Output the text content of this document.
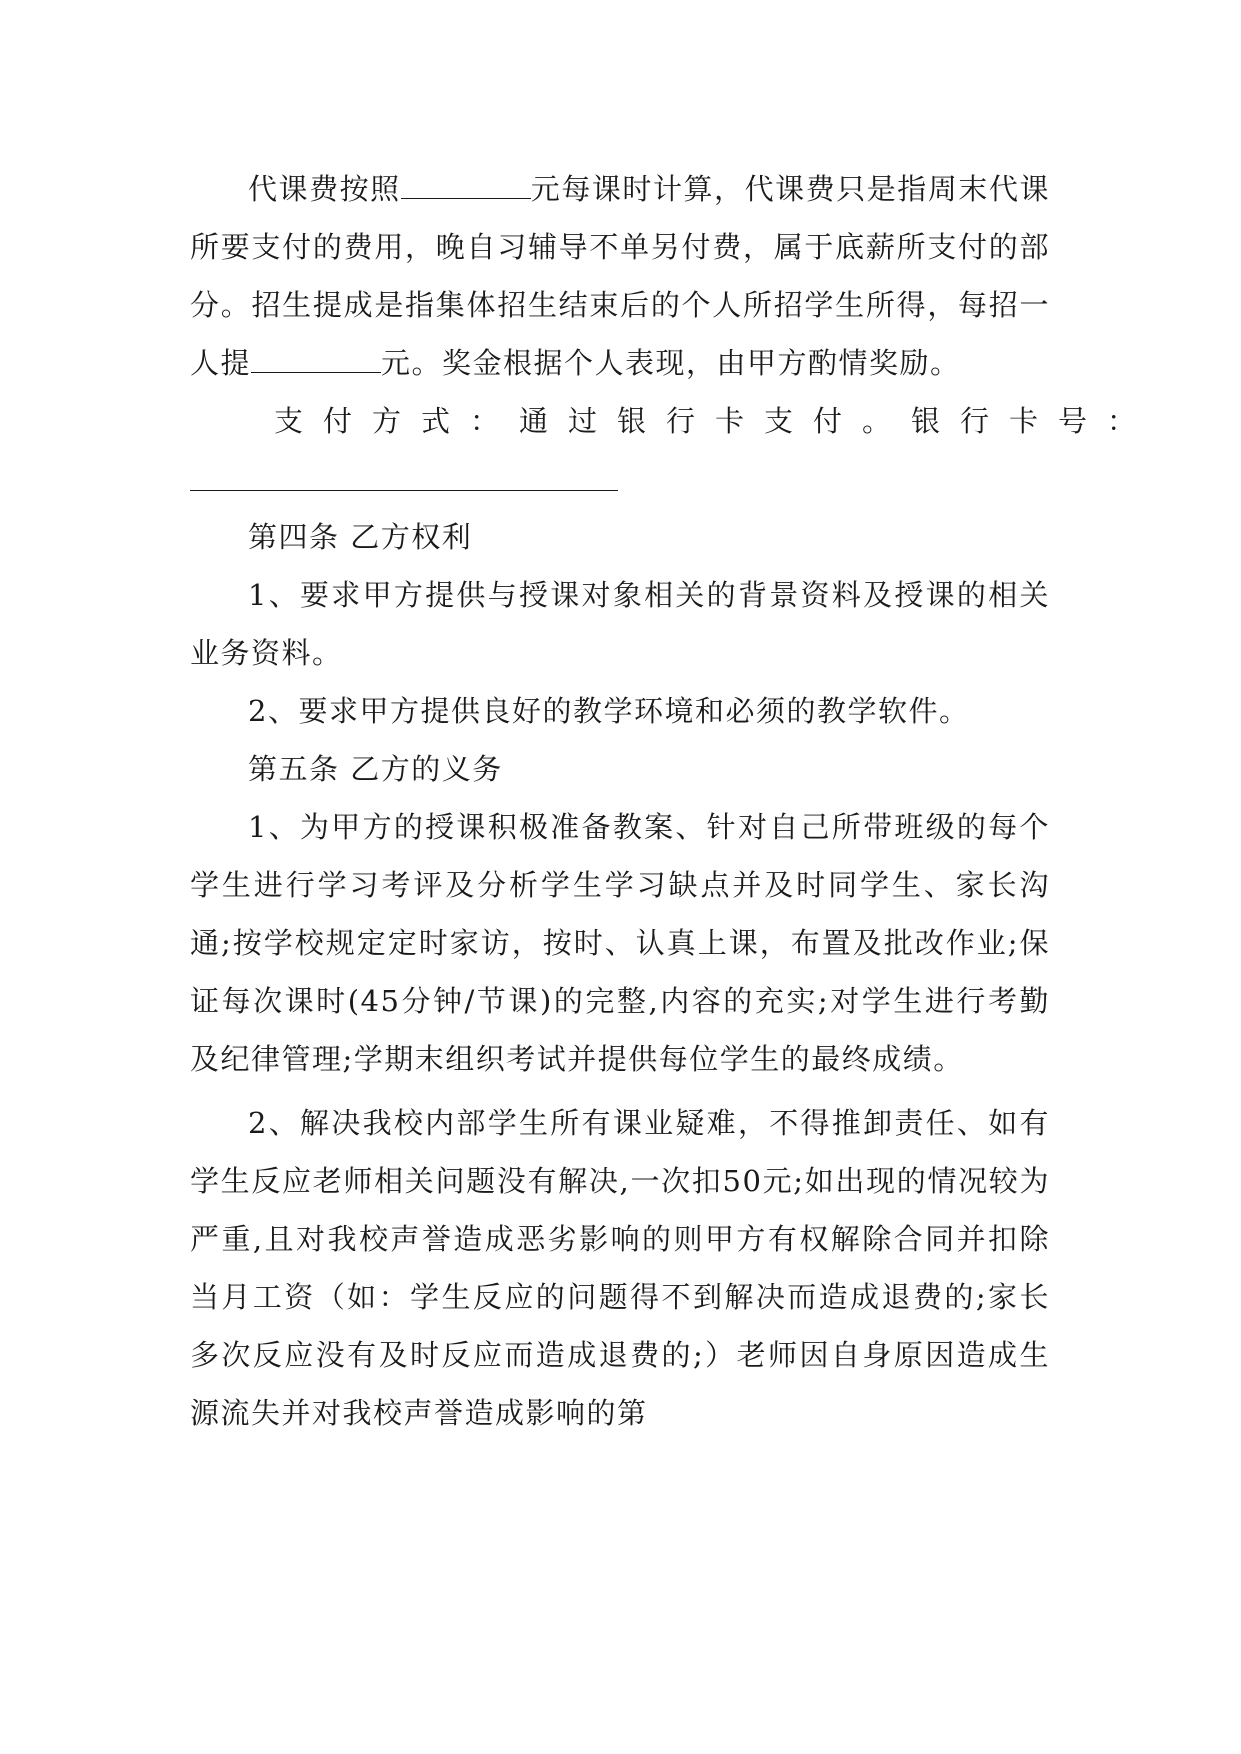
代课费按照	元每课时计算，代课费只是指周末代课所要支付的费用，晚自习辅导不单另付费，属于底薪所支付的部分。招生提成是指集体招生结束后的个人所招学生所得，每招一人提	元。奖金根据个人表现，由甲方酌情奖励。

支付方式：通过银行卡支付。银行卡号：

第四条 乙方权利

1、要求甲方提供与授课对象相关的背景资料及授课的相关业务资料。

2、要求甲方提供良好的教学环境和必须的教学软件。

第五条 乙方的义务

1、为甲方的授课积极准备教案、针对自己所带班级的每个学生进行学习考评及分析学生学习缺点并及时同学生、家长沟通;按学校规定定时家访，按时、认真上课，布置及批改作业;保证每次课时(45分钟/节课)的完整,内容的充实;对学生进行考勤及纪律管理;学期末组织考试并提供每位学生的最终成绩。

2、解决我校内部学生所有课业疑难，不得推卸责任、如有学生反应老师相关问题没有解决,一次扣50元;如出现的情况较为严重,且对我校声誉造成恶劣影响的则甲方有权解除合同并扣除当月工资（如：学生反应的问题得不到解决而造成退费的;家长多次反应没有及时反应而造成退费的;）老师因自身原因造成生源流失并对我校声誉造成影响的第
